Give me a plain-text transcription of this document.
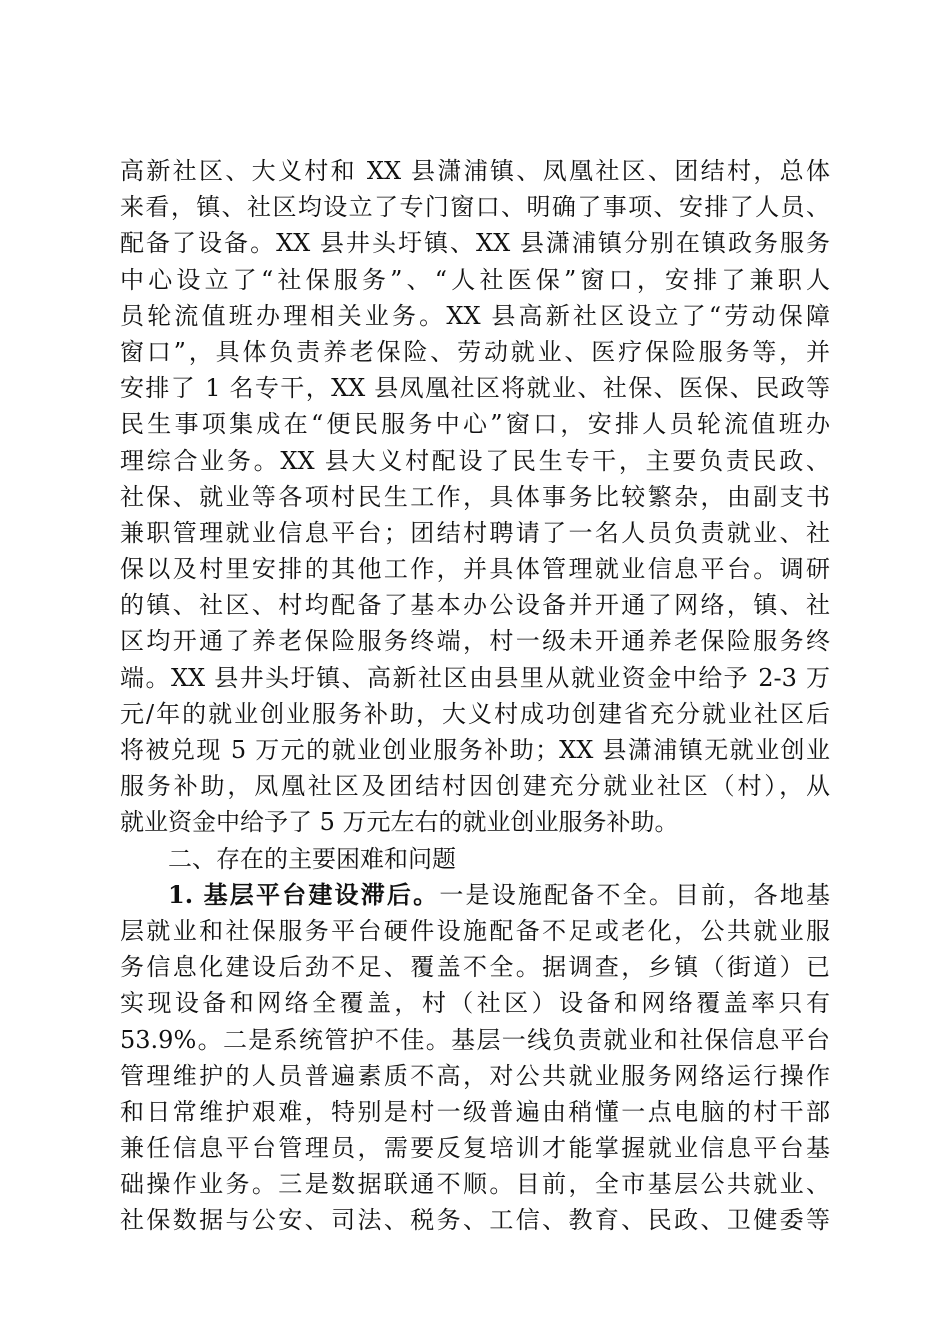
高新社区、大义村和 XX 县潇浦镇、凤凰社区、团结村，总体
来看，镇、社区均设立了专门窗口、明确了事项、安排了人员、
配备了设备。XX 县井头圩镇、XX 县潇浦镇分别在镇政务服务
中心设立了“社保服务”、“人社医保”窗口，安排了兼职人
员轮流值班办理相关业务。XX 县高新社区设立了“劳动保障
窗口”，具体负责养老保险、劳动就业、医疗保险服务等，并
安排了 1 名专干，XX 县凤凰社区将就业、社保、医保、民政等
民生事项集成在“便民服务中心”窗口，安排人员轮流值班办
理综合业务。XX 县大义村配设了民生专干，主要负责民政、
社保、就业等各项村民生工作，具体事务比较繁杂，由副支书
兼职管理就业信息平台；团结村聘请了一名人员负责就业、社
保以及村里安排的其他工作，并具体管理就业信息平台。调研
的镇、社区、村均配备了基本办公设备并开通了网络，镇、社
区均开通了养老保险服务终端，村一级未开通养老保险服务终
端。XX 县井头圩镇、高新社区由县里从就业资金中给予 2-3 万
元/年的就业创业服务补助，大义村成功创建省充分就业社区后
将被兑现 5 万元的就业创业服务补助；XX 县潇浦镇无就业创业
服务补助，凤凰社区及团结村因创建充分就业社区（村），从
就业资金中给予了 5 万元左右的就业创业服务补助。
二、存在的主要困难和问题
1. 基层平台建设滞后。一是设施配备不全。目前，各地基
层就业和社保服务平台硬件设施配备不足或老化，公共就业服
务信息化建设后劲不足、覆盖不全。据调查，乡镇（街道）已
实现设备和网络全覆盖，村（社区）设备和网络覆盖率只有
53.9%。二是系统管护不佳。基层一线负责就业和社保信息平台
管理维护的人员普遍素质不高，对公共就业服务网络运行操作
和日常维护艰难，特别是村一级普遍由稍懂一点电脑的村干部
兼任信息平台管理员，需要反复培训才能掌握就业信息平台基
础操作业务。三是数据联通不顺。目前，全市基层公共就业、
社保数据与公安、司法、税务、工信、教育、民政、卫健委等
